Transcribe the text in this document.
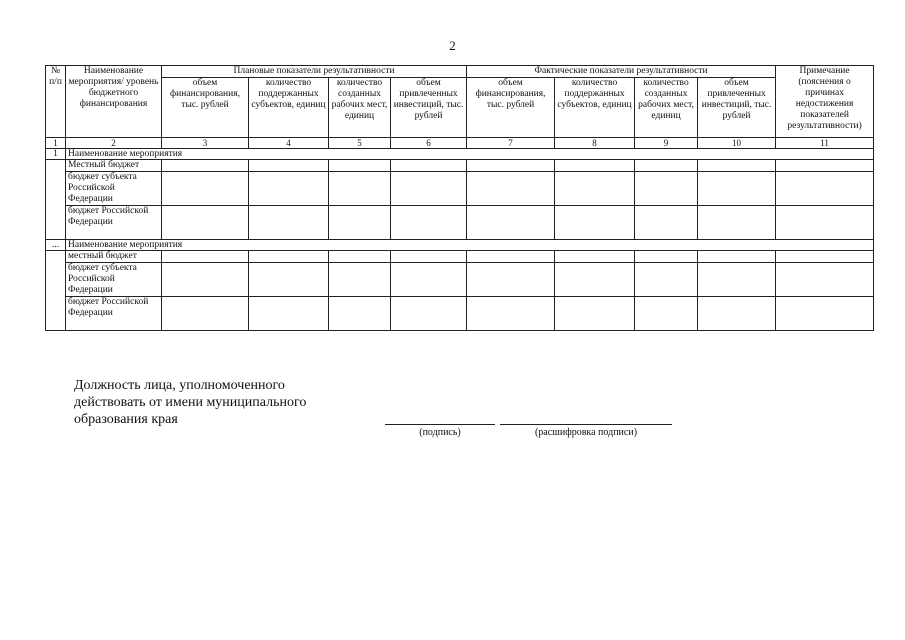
2
№ п/п	Наименование мероприятия/ уровень бюджетного финансирования	Плановые показатели результативности				Фактические показатели результативности				Примечание (пояснения о причинах недостижения показателей результативности)
		объем финансирования, тыс. рублей	количество поддержанных субъектов, единиц	количество созданных рабочих мест, единиц	объем привлеченных инвестиций, тыс. рублей	объем финансирования, тыс. рублей	количество поддержанных субъектов, единиц	количество созданных рабочих мест, единиц	объем привлеченных инвестиций, тыс. рублей	
1	2	3	4	5	6	7	8	9	10	11
1	Наименование мероприятия									
	Местный бюджет									
	бюджет субъекта Российской Федерации									
	бюджет Российской Федерации									
...	Наименование мероприятия									
	местный бюджет									
	бюджет субъекта Российской Федерации									
	бюджет Российской Федерации									
Должность лица, уполномоченного действовать от имени муниципального образования края
(подпись)	(расшифровка подписи)
